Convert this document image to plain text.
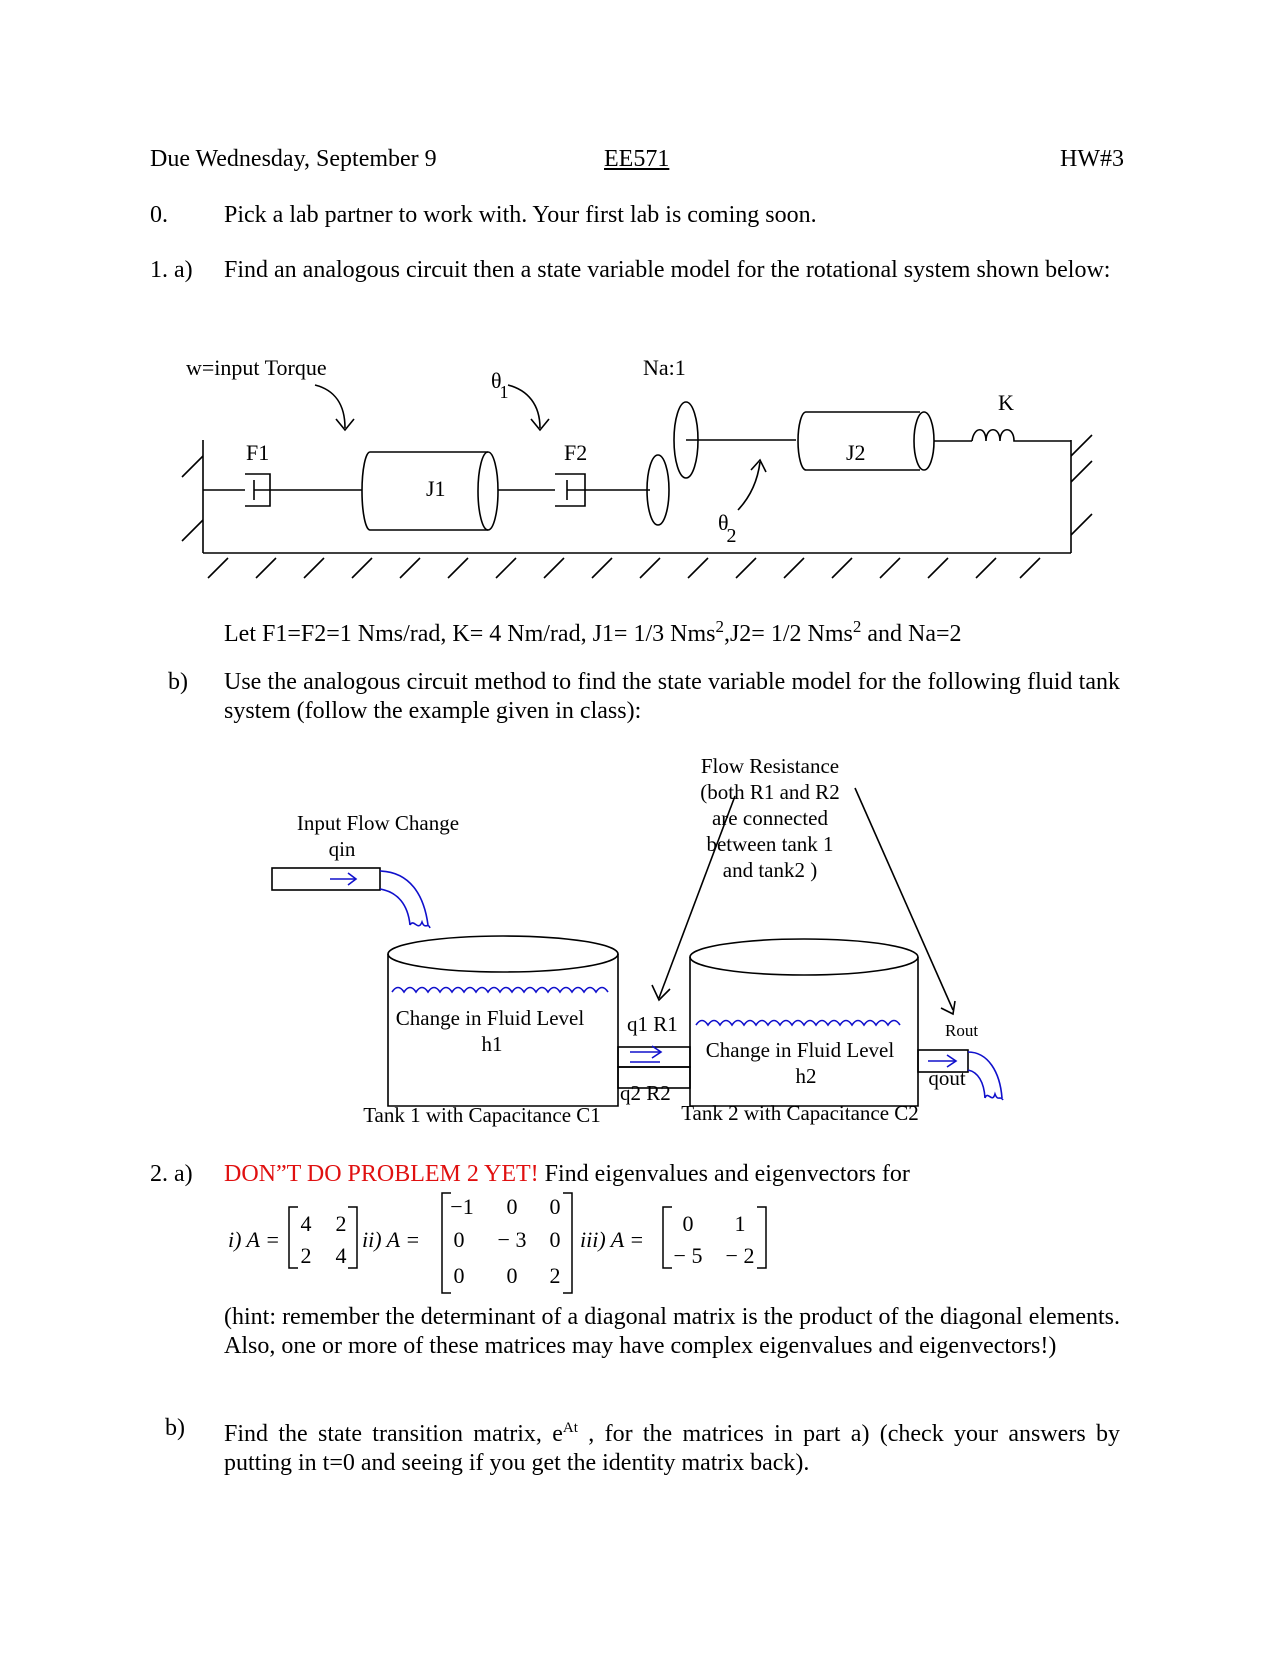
Due Wednesday, September 9	EE571	HW#3
0. Pick a lab partner to work with. Your first lab is coming soon.
1. a) Find an analogous circuit then a state variable model for the rotational system shown below:
w=input Torque
θ1
Na:1
K
F1	F2
J1
J2
θ 2
Let F1=F2=1 Nms/rad, K= 4 Nm/rad, J1= 1/3 Nms$^2$,J2= 1/2 Nms$^2$ and Na=2
b) Use the analogous circuit method to find the state variable model for the following fluid tank system (follow the example given in class):
Flow Resistance
(both R1 and R2
are connected
between tank 1
and tank2 )
Input Flow Change
qin
Change in Fluid Level
h1	Change in Fluid Level
h2
Tank 1 with Capacitance C1	Tank 2 with Capacitance C2
qout
q1 R1
q2 R2
Rout
2. a) DON”T DO PROBLEM 2 YET! Find eigenvalues and eigenvectors for
i) A =
4 2
2 4
ii) A =
−1 0 0
0 − 3 0
0 0 2
iii) A =
0 1
− 5 − 2
(hint: remember the determinant of a diagonal matrix is the product of the diagonal elements. Also, one or more of these matrices may have complex eigenvalues and eigenvectors!)
b) Find the state transition matrix, $e^{At}$ , for the matrices in part a) (check your answers by putting in t=0 and seeing if you get the identity matrix back).
